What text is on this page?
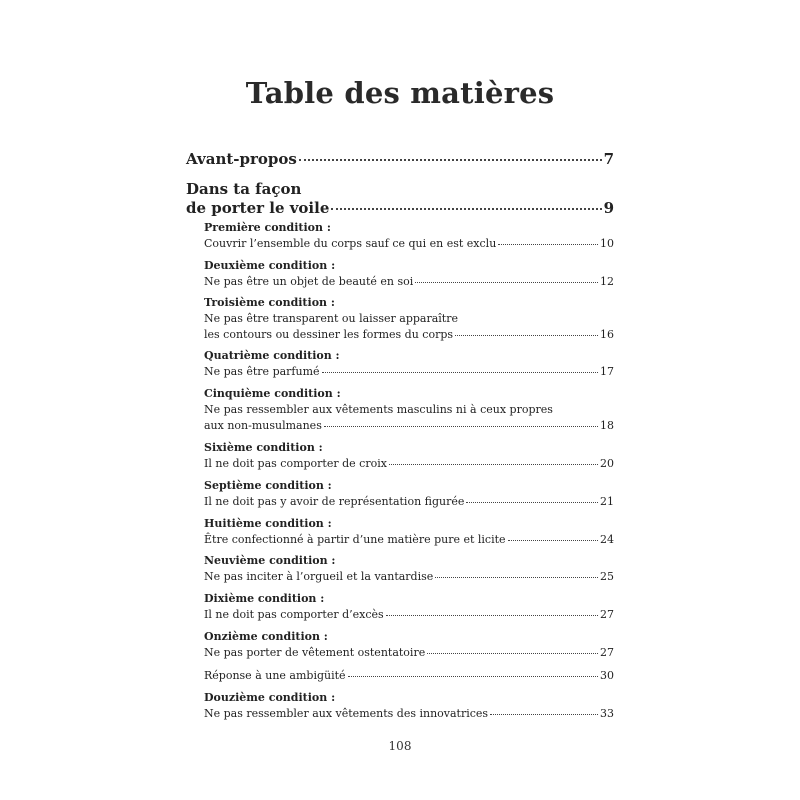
Table des matières
Avant-propos	7
Dans ta façon
de porter le voile	9
Première condition :
Couvrir l’ensemble du corps sauf ce qui en est exclu	10
Deuxième condition :
Ne pas être un objet de beauté en soi	12
Troisième condition :
Ne pas être transparent ou laisser apparaître
les contours ou dessiner les formes du corps	16
Quatrième condition :
Ne pas être parfumé	17
Cinquième condition :
Ne pas ressembler aux vêtements masculins ni à ceux propres
aux non-musulmanes	18
Sixième condition :
Il ne doit pas comporter de croix	20
Septième condition :
Il ne doit pas y avoir de représentation figurée	21
Huitième condition :
Être confectionné à partir d’une matière pure et licite	24
Neuvième condition :
Ne pas inciter à l’orgueil et la vantardise	25
Dixième condition :
Il ne doit pas comporter d’excès	27
Onzième condition :
Ne pas porter de vêtement ostentatoire	27
Réponse à une ambigüité	30
Douzième condition :
Ne pas ressembler aux vêtements des innovatrices	33
108
